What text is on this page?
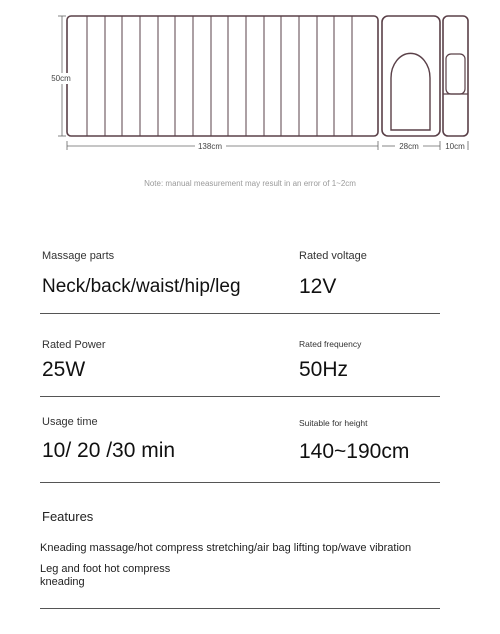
50cm
138cm	28cm	10cm
Note: manual measurement may result in an error of 1~2cm
Massage parts
Neck/back/waist/hip/leg
Rated voltage
12V
Rated Power
25W
Rated frequency
50Hz
Usage time
10/ 20 /30 min
Suitable for height
140~190cm
Features
Kneading massage/hot compress stretching/air bag lifting top/wave vibration
Leg and foot hot compress
kneading
